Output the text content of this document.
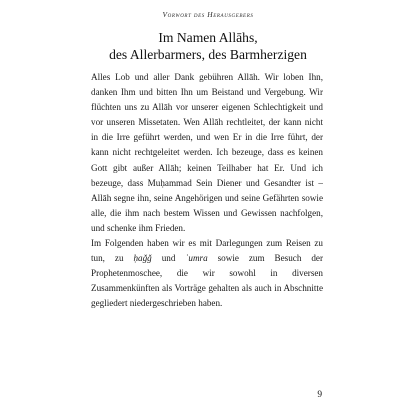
Vorwort des Herausgebers
Im Namen Allāhs,
des Allerbarmers, des Barmherzigen

Alles Lob und aller Dank gebühren Allāh. Wir loben Ihn, danken Ihm und bitten Ihn um Beistand und Vergebung. Wir flüchten uns zu Allāh vor unserer eigenen Schlechtigkeit und vor unseren Missetaten. Wen Allāh rechtleitet, der kann nicht in die Irre geführt werden, und wen Er in die Irre führt, der kann nicht rechtgeleitet werden. Ich bezeuge, dass es keinen Gott gibt außer Allāh; keinen Teilhaber hat Er. Und ich bezeuge, dass Muḥammad Sein Diener und Gesandter ist – Allāh segne ihn, seine Angehörigen und seine Gefährten sowie alle, die ihm nach bestem Wissen und Gewissen nachfolgen, und schenke ihm Frieden.

Im Folgenden haben wir es mit Darlegungen zum Reisen zu tun, zu ḥaǧǧ und ʿumra sowie zum Besuch der Prophetenmoschee, die wir sowohl in diversen Zusammenkünften als Vorträge gehalten als auch in Abschnitte gegliedert niedergeschrieben haben.

9
